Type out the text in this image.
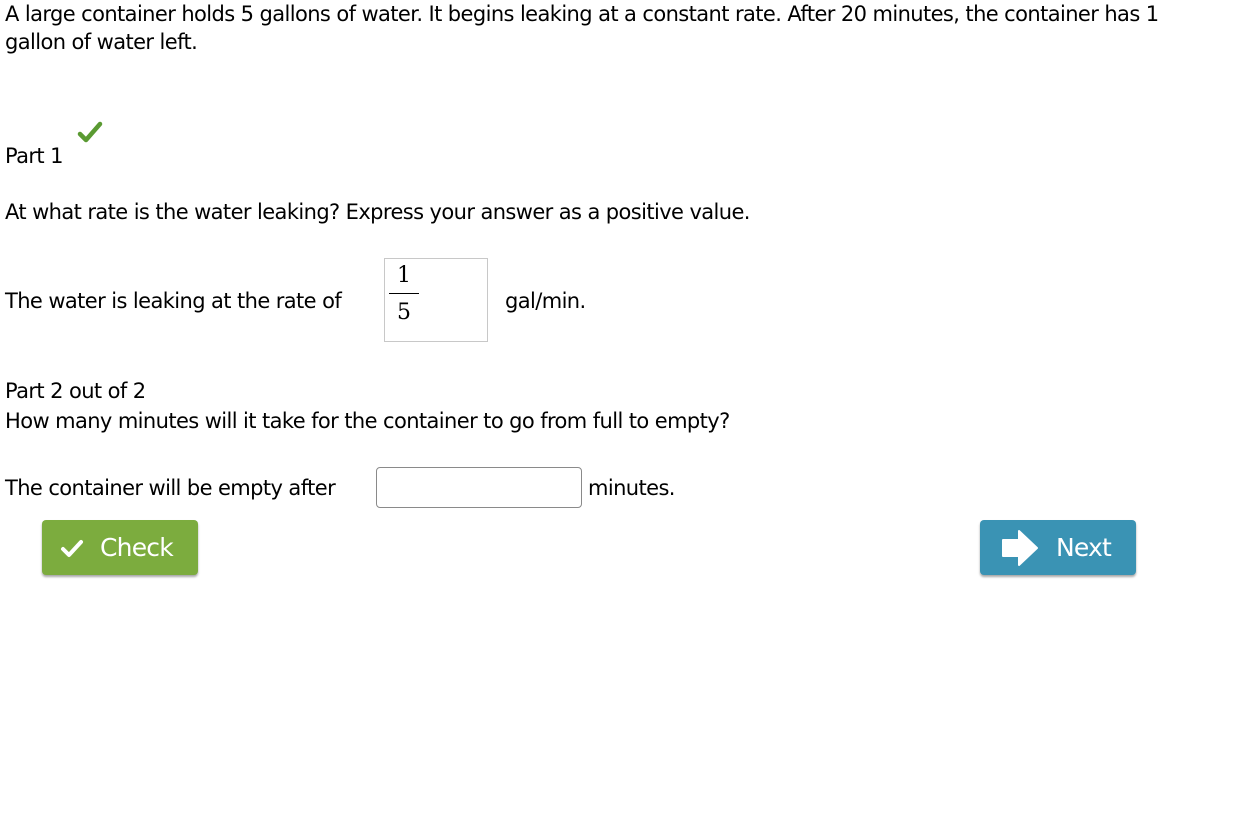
A large container holds 5 gallons of water. It begins leaking at a constant rate. After 20 minutes, the container has 1 gallon of water left.
Part 1
At what rate is the water leaking? Express your answer as a positive value.
The water is leaking at the rate of
1
5	gal/min.
Part 2 out of 2
How many minutes will it take for the container to go from full to empty?
The container will be empty after	minutes.
Check	Next
